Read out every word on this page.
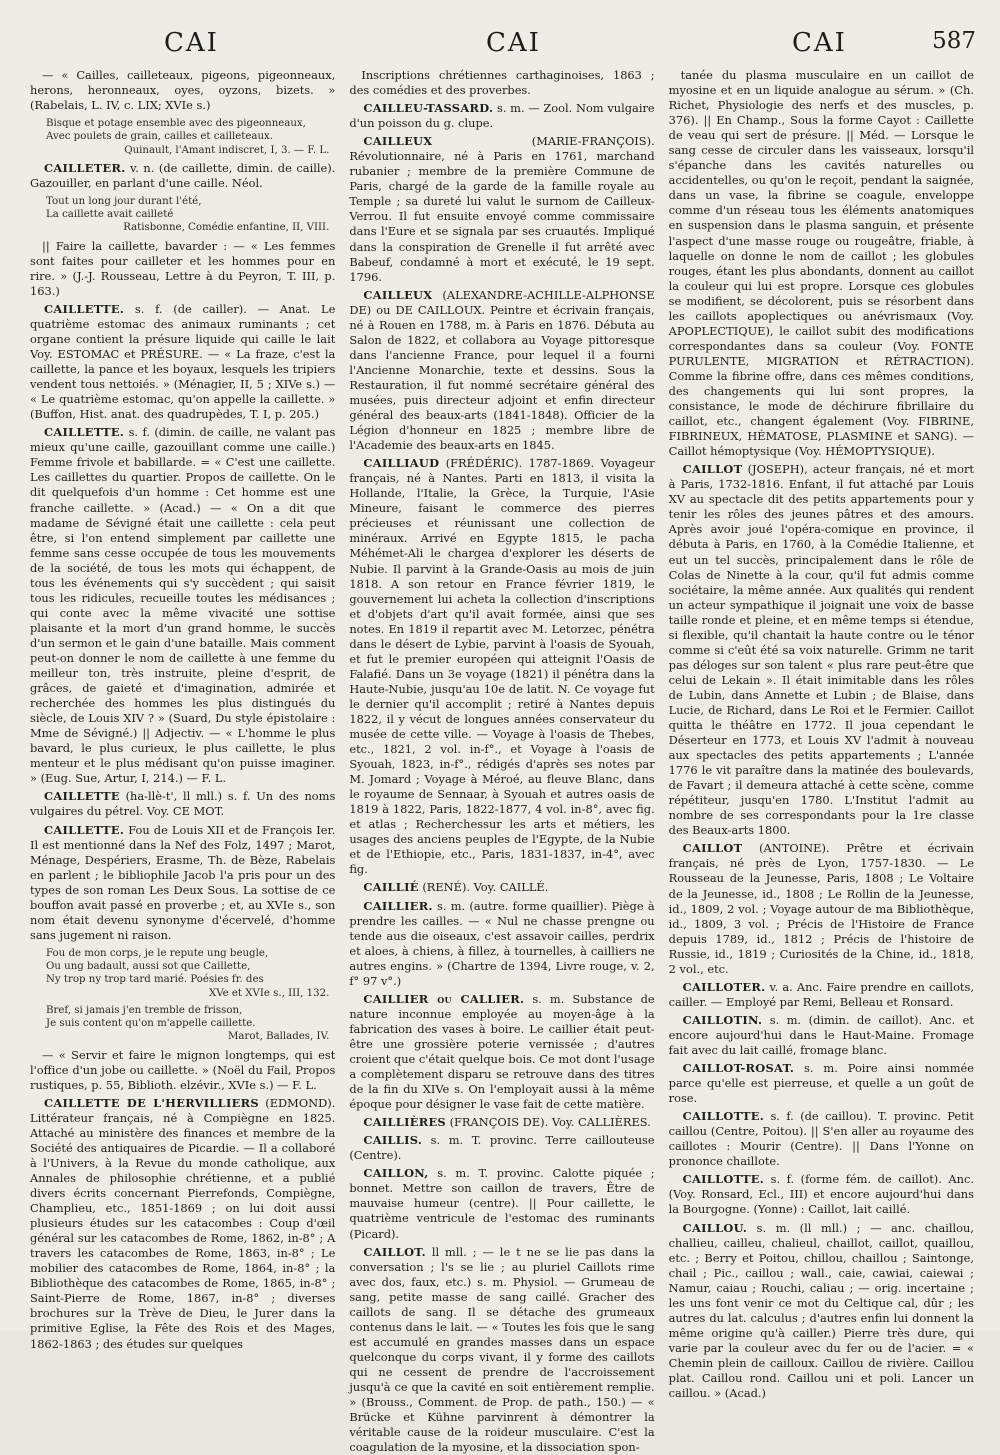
CAI	CAI	CAI	587

— « Cailles, cailleteaux, pigeons, pigeonneaux, herons, heronneaux, oyes, oyzons, bizets. » (Rabelais, L. IV, c. LIX; XVIe s.)

Bisque et potage ensemble avec des pigeonneaux,
Avec poulets de grain, cailles et cailleteaux.
Quinault, l'Amant indiscret, I, 3. — F. L.

CAILLETER. v. n. (de caillette, dimin. de caille). Gazouiller, en parlant d'une caille. Néol.

Tout un long jour durant l'été,
La caillette avait cailleté
Ratisbonne, Comédie enfantine, II, VIII.

|| Faire la caillette, bavarder : — « Les femmes sont faites pour cailleter et les hommes pour en rire. » (J.-J. Rousseau, Lettre à du Peyron, T. III, p. 163.)

CAILLETTE. s. f. (de cailler). — Anat. Le quatrième estomac des animaux ruminants ; cet organe contient la présure liquide qui caille le lait Voy. ESTOMAC et PRÉSURE. — « La fraze, c'est la caillette, la pance et les boyaux, lesquels les tripiers vendent tous nettoiés. » (Ménagier, II, 5 ; XIVe s.) — « Le quatrième estomac, qu'on appelle la caillette. » (Buffon, Hist. anat. des quadrupèdes, T. I, p. 205.)

CAILLETTE. s. f. (dimin. de caille, ne valant pas mieux qu'une caille, gazouillant comme une caille.) Femme frivole et babillarde. = « C'est une caillette. Les caillettes du quartier. Propos de caillette. On le dit quelquefois d'un homme : Cet homme est une franche caillette. » (Acad.) — « On a dit que madame de Sévigné était une caillette : cela peut être, si l'on entend simplement par caillette une femme sans cesse occupée de tous les mouvements de la société, de tous les mots qui échappent, de tous les événements qui s'y succèdent ; qui saisit tous les ridicules, recueille toutes les médisances ; qui conte avec la même vivacité une sottise plaisante et la mort d'un grand homme, le succès d'un sermon et le gain d'une bataille. Mais comment peut-on donner le nom de caillette à une femme du meilleur ton, très instruite, pleine d'esprit, de grâces, de gaieté et d'imagination, admirée et recherchée des hommes les plus distingués du siècle, de Louis XIV ? » (Suard, Du style épistolaire : Mme de Sévigné.) || Adjectiv. — « L'homme le plus bavard, le plus curieux, le plus caillette, le plus menteur et le plus médisant qu'on puisse imaginer. » (Eug. Sue, Artur, I, 214.) — F. L.

CAILLETTE (ha-llè-t', ll mll.) s. f. Un des noms vulgaires du pétrel. Voy. CE MOT.

CAILLETTE. Fou de Louis XII et de François Ier. Il est mentionné dans la Nef des Folz, 1497 ; Marot, Ménage, Despériers, Erasme, Th. de Bèze, Rabelais en parlent ; le bibliophile Jacob l'a pris pour un des types de son roman Les Deux Sous. La sottise de ce bouffon avait passé en proverbe ; et, au XVIe s., son nom était devenu synonyme d'écervelé, d'homme sans jugement ni raison.

Fou de mon corps, je le repute ung beugle,
Ou ung badault, aussi sot que Caillette,
Ny trop ny trop tard marié. Poésies fr. des
XVe et XVIe s., III, 132.
Bref, si jamais j'en tremble de frisson,
Je suis content qu'on m'appelle caillette.
Marot, Ballades, IV.

— « Servir et faire le mignon longtemps, qui est l'office d'un jobe ou caillette. » (Noël du Fail, Propos rustiques, p. 55, Biblioth. elzévir., XVIe s.) — F. L.

CAILLETTE DE L'HERVILLIERS (EDMOND). Littérateur français, né à Compiègne en 1825. Attaché au ministère des finances et membre de la Société des antiquaires de Picardie. — Il a collaboré à l'Univers, à la Revue du monde catholique, aux Annales de philosophie chrétienne, et a publié divers écrits concernant Pierrefonds, Compiègne, Champlieu, etc., 1851-1869 ; on lui doit aussi plusieurs études sur les catacombes : Coup d'œil général sur les catacombes de Rome, 1862, in-8° ; A travers les catacombes de Rome, 1863, in-8° ; Le mobilier des catacombes de Rome, 1864, in-8° ; la Bibliothèque des catacombes de Rome, 1865, in-8° ; Saint-Pierre de Rome, 1867, in-8° ; diverses brochures sur la Trève de Dieu, le Jurer dans la primitive Eglise, la Fête des Rois et des Mages, 1862-1863 ; des études sur quelques

Inscriptions chrétiennes carthaginoises, 1863 ; des comédies et des proverbes.

CAILLEU-TASSARD. s. m. — Zool. Nom vulgaire d'un poisson du g. clupe.

CAILLEUX (MARIE-FRANÇOIS). Révolutionnaire, né à Paris en 1761, marchand rubanier ; membre de la première Commune de Paris, chargé de la garde de la famille royale au Temple ; sa dureté lui valut le surnom de Cailleux-Verrou. Il fut ensuite envoyé comme commissaire dans l'Eure et se signala par ses cruautés. Impliqué dans la conspiration de Grenelle il fut arrêté avec Babeuf, condamné à mort et exécuté, le 19 sept. 1796.

CAILLEUX (ALEXANDRE-ACHILLE-ALPHONSE DE) ou DE CAILLOUX. Peintre et écrivain français, né à Rouen en 1788, m. à Paris en 1876. Débuta au Salon de 1822, et collabora au Voyage pittoresque dans l'ancienne France, pour lequel il a fourni l'Ancienne Monarchie, texte et dessins. Sous la Restauration, il fut nommé secrétaire général des musées, puis directeur adjoint et enfin directeur général des beaux-arts (1841-1848). Officier de la Légion d'honneur en 1825 ; membre libre de l'Academie des beaux-arts en 1845.

CAILLIAUD (FRÉDÉRIC). 1787-1869. Voyageur français, né à Nantes. Parti en 1813, il visita la Hollande, l'Italie, la Grèce, la Turquie, l'Asie Mineure, faisant le commerce des pierres précieuses et réunissant une collection de minéraux. Arrivé en Egypte 1815, le pacha Méhémet-Ali le chargea d'explorer les déserts de Nubie. Il parvint à la Grande-Oasis au mois de juin 1818. A son retour en France février 1819, le gouvernement lui acheta la collection d'inscriptions et d'objets d'art qu'il avait formée, ainsi que ses notes. En 1819 il repartit avec M. Letorzec, pénétra dans le désert de Lybie, parvint à l'oasis de Syouah, et fut le premier européen qui atteignit l'Oasis de Falafié. Dans un 3e voyage (1821) il pénétra dans la Haute-Nubie, jusqu'au 10e de latit. N. Ce voyage fut le dernier qu'il accomplit ; retiré à Nantes depuis 1822, il y vécut de longues années conservateur du musée de cette ville. — Voyage à l'oasis de Thebes, etc., 1821, 2 vol. in-f°., et Voyage à l'oasis de Syouah, 1823, in-f°., rédigés d'après ses notes par M. Jomard ; Voyage à Méroé, au fleuve Blanc, dans le royaume de Sennaar, à Syouah et autres oasis de 1819 à 1822, Paris, 1822-1877, 4 vol. in-8°, avec fig. et atlas ; Recherchessur les arts et métiers, les usages des anciens peuples de l'Egypte, de la Nubie et de l'Ethiopie, etc., Paris, 1831-1837, in-4°, avec fig.

CAILLIÉ (RENÉ). Voy. CAILLÉ.

CAILLIER. s. m. (autre. forme quaillier). Piège à prendre les cailles. — « Nul ne chasse prengne ou tende aus die oiseaux, c'est assavoir cailles, perdrix et aloes, à chiens, à fillez, à tournelles, à cailliers ne autres engins. » (Chartre de 1394, Livre rouge, v. 2, f° 97 v°.)

CAILLIER ou CALLIER. s. m. Substance de nature inconnue employée au moyen-âge à la fabrication des vases à boire. Le caillier était peut-être une grossière poterie vernissée ; d'autres croient que c'était quelque bois. Ce mot dont l'usage a complètement disparu se retrouve dans des titres de la fin du XIVe s. On l'employait aussi à la même époque pour désigner le vase fait de cette matière.

CAILLIÈRES (FRANÇOIS DE). Voy. CALLIÈRES.

CAILLIS. s. m. T. provinc. Terre caillouteuse (Centre).

CAILLON, s. m. T. provinc. Calotte piquée ; bonnet. Mettre son caillon de travers, Être de mauvaise humeur (centre). || Pour caillette, le quatrième ventricule de l'estomac des ruminants (Picard).

CAILLOT. ll mll. ; — le t ne se lie pas dans la conversation ; l's se lie ; au pluriel Caillots rime avec dos, faux, etc.) s. m. Physiol. — Grumeau de sang, petite masse de sang caillé. Gracher des caillots de sang. Il se détache des grumeaux contenus dans le lait. — « Toutes les fois que le sang est accumulé en grandes masses dans un espace quelconque du corps vivant, il y forme des caillots qui ne cessent de prendre de l'accroissement jusqu'à ce que la cavité en soit entièrement remplie. » (Brouss., Comment. de Prop. de path., 150.) — « Brücke et Kühne parvinrent à démontrer la véritable cause de la roideur musculaire. C'est la coagulation de la myosine, et la dissociation spon-

tanée du plasma musculaire en un caillot de myosine et en un liquide analogue au sérum. » (Ch. Richet, Physiologie des nerfs et des muscles, p. 376). || En Champ., Sous la forme Cayot : Caillette de veau qui sert de présure. || Méd. — Lorsque le sang cesse de circuler dans les vaisseaux, lorsqu'il s'épanche dans les cavités naturelles ou accidentelles, ou qu'on le reçoit, pendant la saignée, dans un vase, la fibrine se coagule, enveloppe comme d'un réseau tous les éléments anatomiques en suspension dans le plasma sanguin, et présente l'aspect d'une masse rouge ou rougeâtre, friable, à laquelle on donne le nom de caillot ; les globules rouges, étant les plus abondants, donnent au caillot la couleur qui lui est propre. Lorsque ces globules se modifient, se décolorent, puis se résorbent dans les caillots apoplectiques ou anévrismaux (Voy. APOPLECTIQUE), le caillot subit des modifications correspondantes dans sa couleur (Voy. FONTE PURULENTE, MIGRATION et RÉTRACTION). Comme la fibrine offre, dans ces mêmes conditions, des changements qui lui sont propres, la consistance, le mode de déchirure fibrillaire du caillot, etc., changent également (Voy. FIBRINE, FIBRINEUX, HÉMATOSE, PLASMINE et SANG). — Caillot hémoptysique (Voy. HÉMOPTYSIQUE).

CAILLOT (JOSEPH), acteur français, né et mort à Paris, 1732-1816. Enfant, il fut attaché par Louis XV au spectacle dit des petits appartements pour y tenir les rôles des jeunes pâtres et des amours. Après avoir joué l'opéra-comique en province, il débuta à Paris, en 1760, à la Comédie Italienne, et eut un tel succès, principalement dans le rôle de Colas de Ninette à la cour, qu'il fut admis comme sociétaire, la même année. Aux qualités qui rendent un acteur sympathique il joignait une voix de basse taille ronde et pleine, et en même temps si étendue, si flexible, qu'il chantait la haute contre ou le ténor comme si c'eût été sa voix naturelle. Grimm ne tarit pas déloges sur son talent « plus rare peut-être que celui de Lekain ». Il était inimitable dans les rôles de Lubin, dans Annette et Lubin ; de Blaise, dans Lucie, de Richard, dans Le Roi et le Fermier. Caillot quitta le théâtre en 1772. Il joua cependant le Déserteur en 1773, et Louis XV l'admit à nouveau aux spectacles des petits appartements ; L'année 1776 le vit paraître dans la matinée des boulevards, de Favart ; il demeura attaché à cette scène, comme répétiteur, jusqu'en 1780. L'Institut l'admit au nombre de ses correspondants pour la 1re classe des Beaux-arts 1800.

CAILLOT (ANTOINE). Prêtre et écrivain français, né près de Lyon, 1757-1830. — Le Rousseau de la Jeunesse, Paris, 1808 ; Le Voltaire de la Jeunesse, id., 1808 ; Le Rollin de la Jeunesse, id., 1809, 2 vol. ; Voyage autour de ma Bibliothèque, id., 1809, 3 vol. ; Précis de l'Histoire de France depuis 1789, id., 1812 ; Précis de l'histoire de Russie, id., 1819 ; Curiosités de la Chine, id., 1818, 2 vol., etc.

CAILLOTER. v. a. Anc. Faire prendre en caillots, cailler. — Employé par Remi, Belleau et Ronsard.

CAILLOTIN. s. m. (dimin. de caillot). Anc. et encore aujourd'hui dans le Haut-Maine. Fromage fait avec du lait caillé, fromage blanc.

CAILLOT-ROSAT. s. m. Poire ainsi nommée parce qu'elle est pierreuse, et quelle a un goût de rose.

CAILLOTTE. s. f. (de caillou). T. provinc. Petit caillou (Centre, Poitou). || S'en aller au royaume des caillotes : Mourir (Centre). || Dans l'Yonne on prononce chaillote.

CAILLOTTE. s. f. (forme fém. de caillot). Anc. (Voy. Ronsard, Ecl., III) et encore aujourd'hui dans la Bourgogne. (Yonne) : Caillot, lait caillé.

CAILLOU. s. m. (ll mll.) ; — anc. chaillou, challieu, cailleu, chalieul, chaillot, caillot, quaillou, etc. ; Berry et Poitou, chillou, chaillou ; Saintonge, chail ; Pic., caillou ; wall., caie, cawiai, caiewai ; Namur, caiau ; Rouchi, caliau ; — orig. incertaine ; les uns font venir ce mot du Celtique cal, dûr ; les autres du lat. calculus ; d'autres enfin lui donnent la même origine qu'à cailler.) Pierre très dure, qui varie par la couleur avec du fer ou de l'acier. = « Chemin plein de cailloux. Caillou de rivière. Caillou plat. Caillou rond. Caillou uni et poli. Lancer un caillou. » (Acad.)
